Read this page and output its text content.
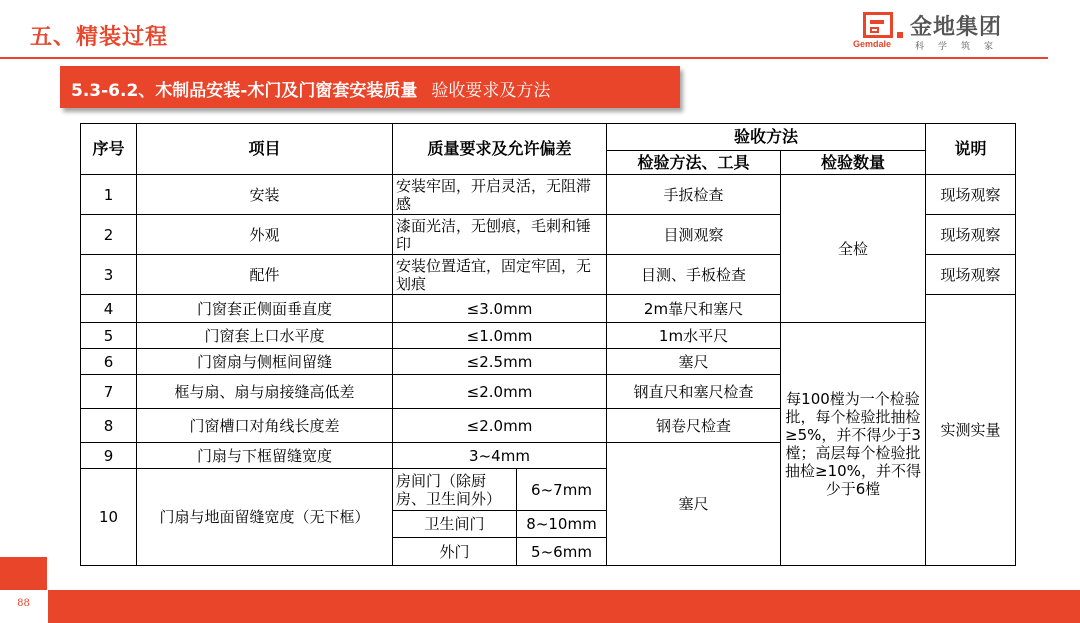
五、精装过程	金地集团
Gemdale	科学筑家
5.3-6.2、木制品安装-木门及门窗套安装质量 验收要求及方法
序号	项目	质量要求及允许偏差		验收方法		说明
				检验方法、工具	检验数量	
1	安装	安装牢固，开启灵活，无阻滞感		手扳检查	全检	现场观察
2	外观	漆面光洁，无刨痕，毛刺和锤印		目测观察		现场观察
3	配件	安装位置适宜，固定牢固，无划痕		目测、手板检查		现场观察
4	门窗套正侧面垂直度	≤3.0mm		2m靠尺和塞尺		实测实量
5	门窗套上口水平度	≤1.0mm		1m水平尺	每100樘为一个检验批，每个检验批抽检≥5%，并不得少于3樘；高层每个检验批抽检≥10%，并不得少于6樘	
6	门窗扇与侧框间留缝	≤2.5mm		塞尺		
7	框与扇、扇与扇接缝高低差	≤2.0mm		钢直尺和塞尺检查		
8	门窗槽口对角线长度差	≤2.0mm		钢卷尺检查		
9	门扇与下框留缝宽度	3~4mm		塞尺		
10	门扇与地面留缝宽度（无下框）	房间门（除厨房、卫生间外）	6~7mm			
		卫生间门	8~10mm			
		外门	5~6mm			
88
